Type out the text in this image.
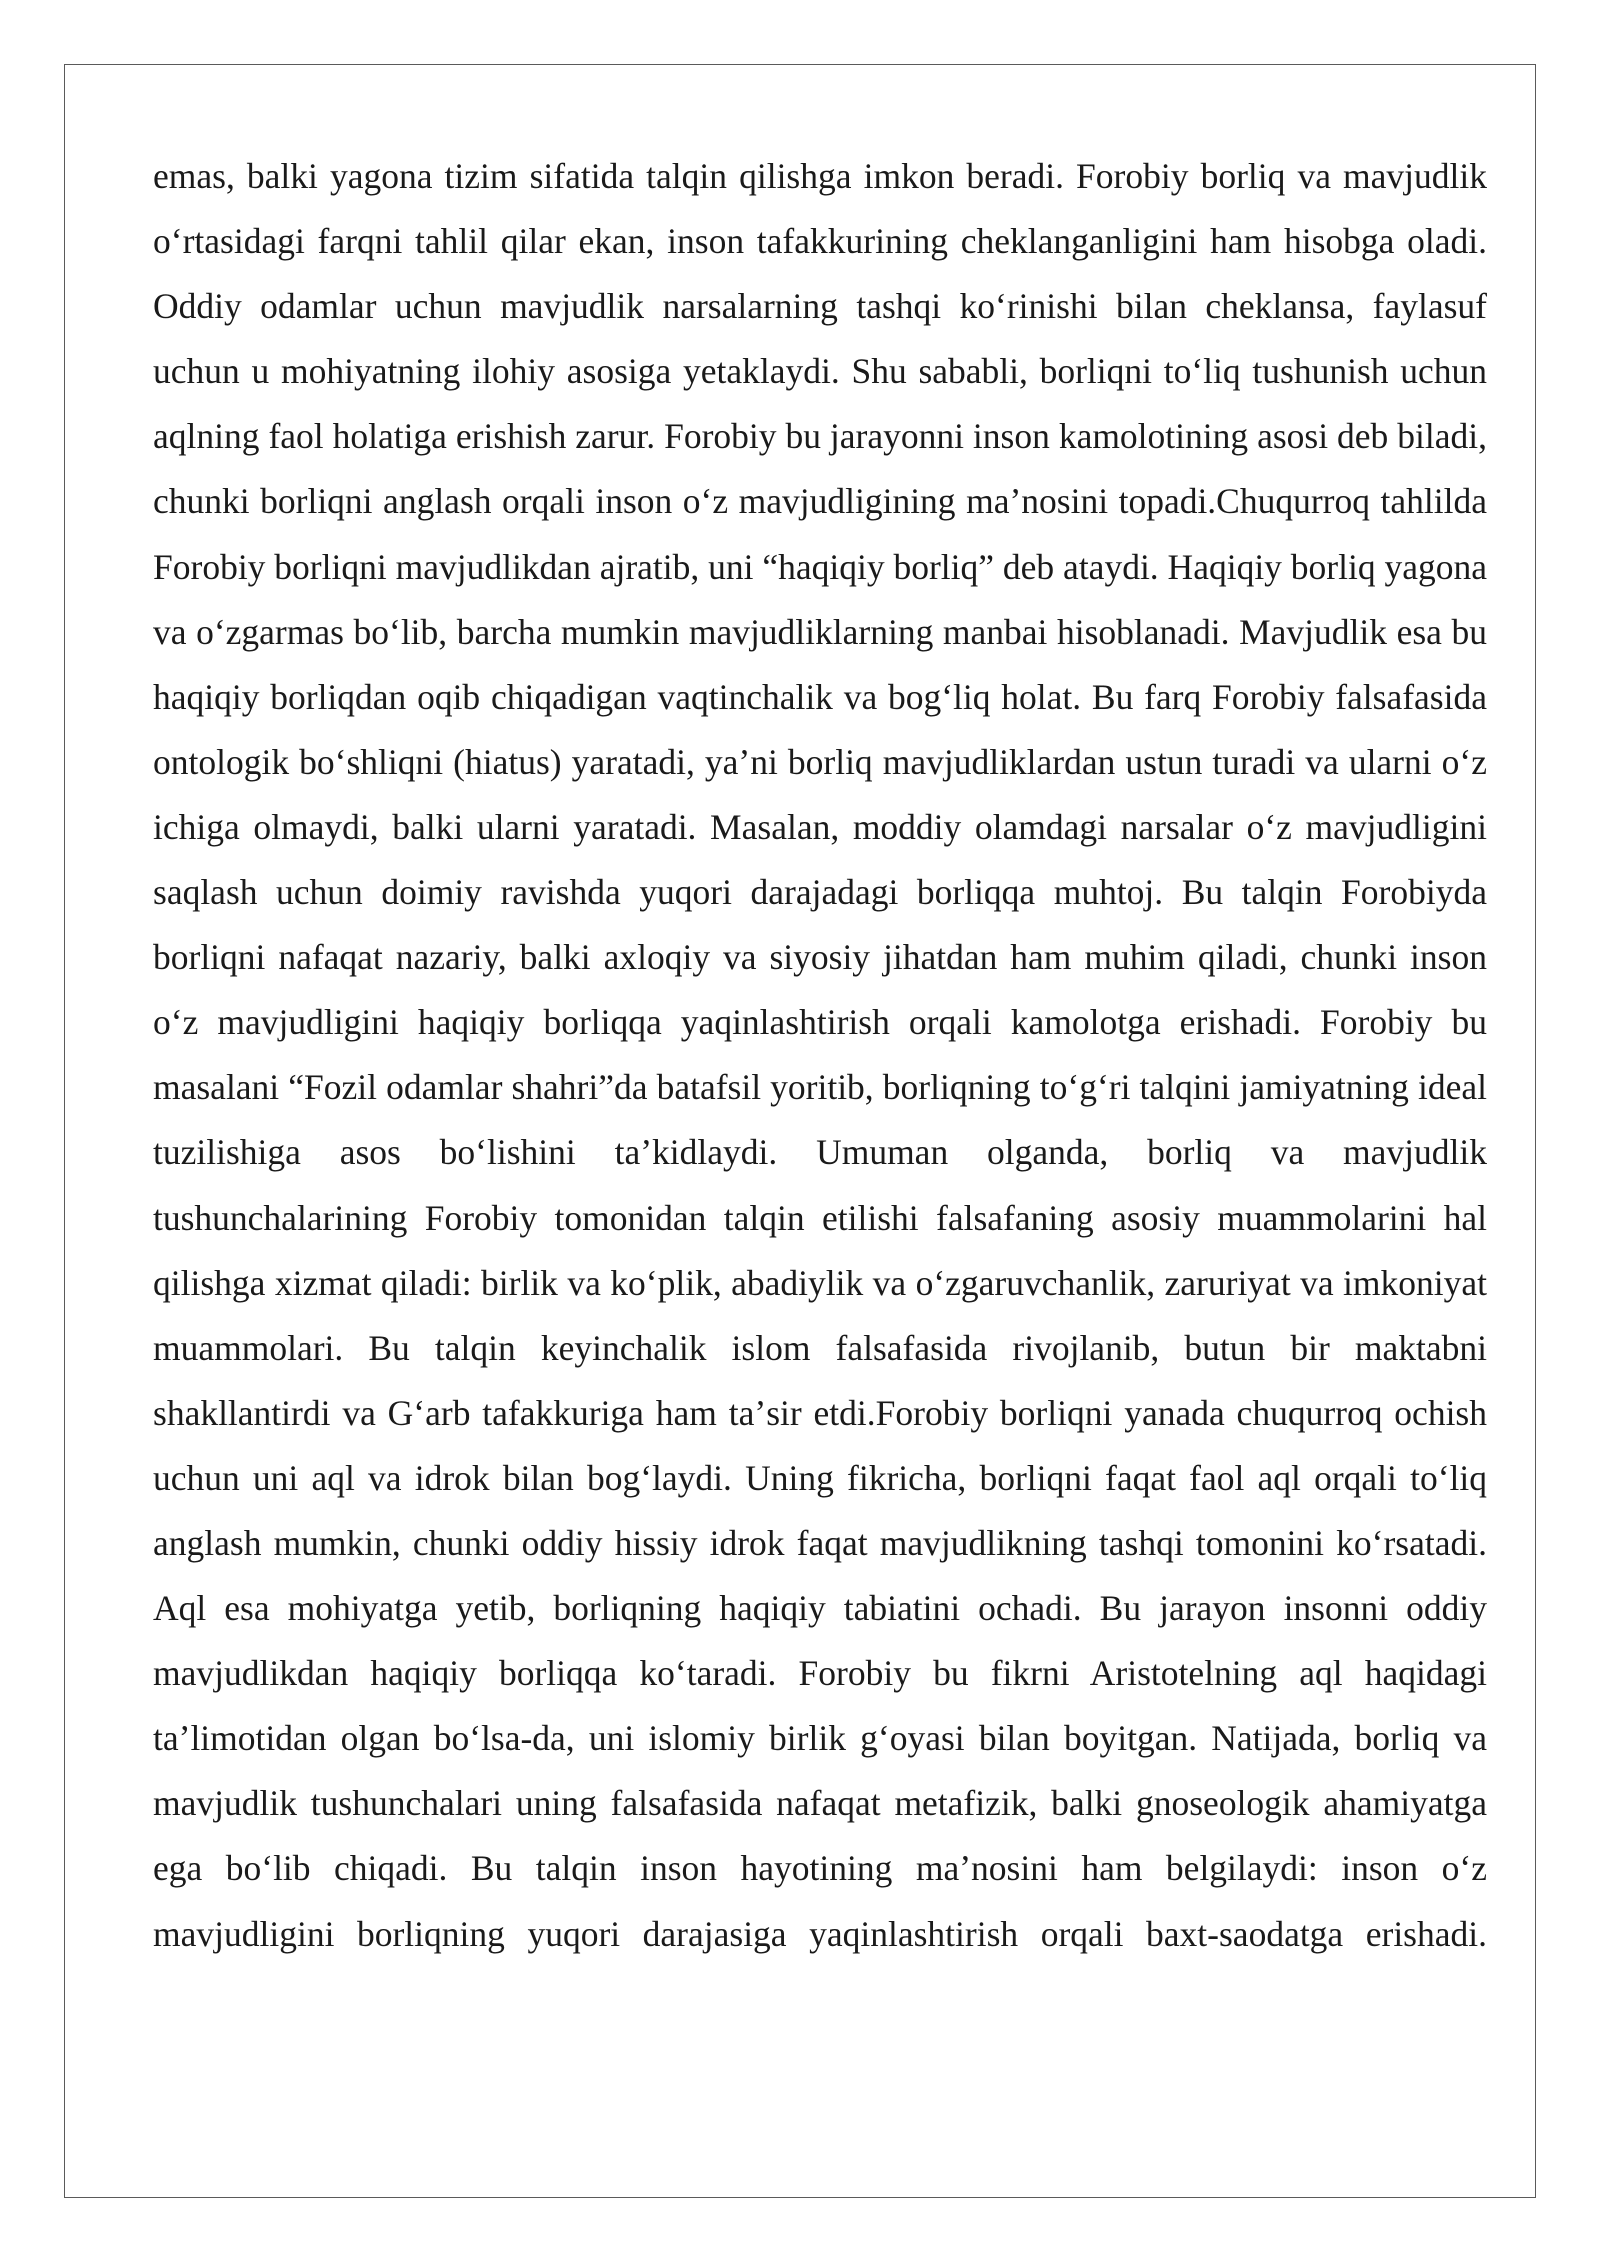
emas, balki yagona tizim sifatida talqin qilishga imkon beradi. Forobiy borliq va mavjudlik oʻrtasidagi farqni tahlil qilar ekan, inson tafakkurining cheklanganligini ham hisobga oladi. Oddiy odamlar uchun mavjudlik narsalarning tashqi koʻrinishi bilan cheklansa, faylasuf uchun u mohiyatning ilohiy asosiga yetaklaydi. Shu sababli, borliqni toʻliq tushunish uchun aqlning faol holatiga erishish zarur. Forobiy bu jarayonni inson kamolotining asosi deb biladi, chunki borliqni anglash orqali inson oʻz mavjudligining maʼnosini topadi.Chuqurroq tahlilda Forobiy borliqni mavjudlikdan ajratib, uni “haqiqiy borliq” deb ataydi. Haqiqiy borliq yagona va oʻzgarmas boʻlib, barcha mumkin mavjudliklarning manbai hisoblanadi. Mavjudlik esa bu haqiqiy borliqdan oqib chiqadigan vaqtinchalik va bogʻliq holat. Bu farq Forobiy falsafasida ontologik boʻshliqni (hiatus) yaratadi, yaʼni borliq mavjudliklardan ustun turadi va ularni oʻz ichiga olmaydi, balki ularni yaratadi. Masalan, moddiy olamdagi narsalar oʻz mavjudligini saqlash uchun doimiy ravishda yuqori darajadagi borliqqa muhtoj. Bu talqin Forobiyda borliqni nafaqat nazariy, balki axloqiy va siyosiy jihatdan ham muhim qiladi, chunki inson oʻz mavjudligini haqiqiy borliqqa yaqinlashtirish orqali kamolotga erishadi. Forobiy bu masalani “Fozil odamlar shahri”da batafsil yoritib, borliqning toʻgʻri talqini jamiyatning ideal tuzilishiga asos boʻlishini taʼkidlaydi. Umuman olganda, borliq va mavjudlik tushunchalarining Forobiy tomonidan talqin etilishi falsafaning asosiy muammolarini hal qilishga xizmat qiladi: birlik va koʻplik, abadiylik va oʻzgaruvchanlik, zaruriyat va imkoniyat muammolari. Bu talqin keyinchalik islom falsafasida rivojlanib, butun bir maktabni shakllantirdi va Gʻarb tafakkuriga ham taʼsir etdi.Forobiy borliqni yanada chuqurroq ochish uchun uni aql va idrok bilan bogʻlaydi. Uning fikricha, borliqni faqat faol aql orqali toʻliq anglash mumkin, chunki oddiy hissiy idrok faqat mavjudlikning tashqi tomonini koʻrsatadi. Aql esa mohiyatga yetib, borliqning haqiqiy tabiatini ochadi. Bu jarayon insonni oddiy mavjudlikdan haqiqiy borliqqa koʻtaradi. Forobiy bu fikrni Aristotelning aql haqidagi taʼlimotidan olgan boʻlsa-da, uni islomiy birlik gʻoyasi bilan boyitgan. Natijada, borliq va mavjudlik tushunchalari uning falsafasida nafaqat metafizik, balki gnoseologik ahamiyatga ega boʻlib chiqadi. Bu talqin inson hayotining maʼnosini ham belgilaydi: inson oʻz mavjudligini borliqning yuqori darajasiga yaqinlashtirish orqali baxt-saodatga erishadi.
